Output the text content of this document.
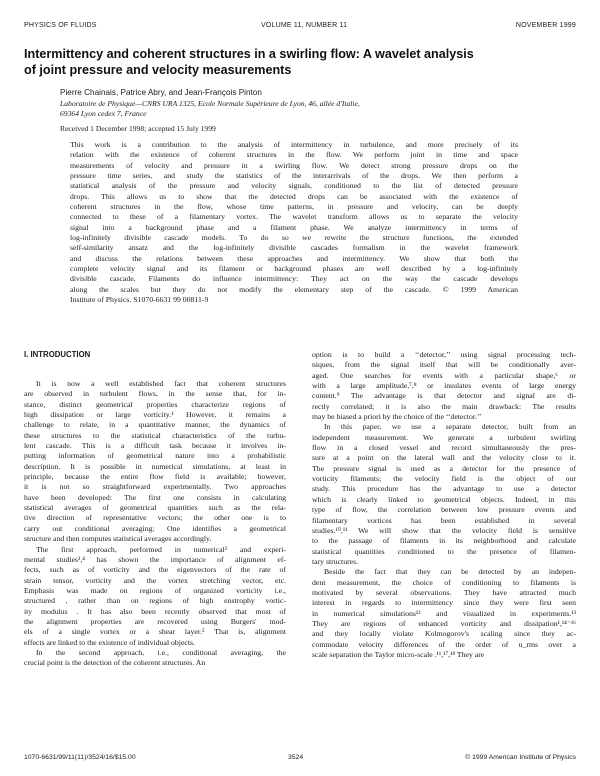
PHYSICS OF FLUIDS	VOLUME 11, NUMBER 11	NOVEMBER 1999
Intermittency and coherent structures in a swirling flow: A wavelet analysis
of joint pressure and velocity measurements
Pierre Chainais, Patrice Abry, and Jean-François Pinton
Laboratoire de Physique—CNRS URA 1325, Ecole Normale Supérieure de Lyon, 46, allée d'Italie,
69364 Lyon cedex 7, France
Received 1 December 1998; accepted 15 July 1999
This work is a contribution to the analysis of intermittency in turbulence, and more precisely of its
relation with the existence of coherent structures in the flow. We perform joint in time and space
measurements of velocity and pressure in a swirling flow. We detect strong pressure drops on the
pressure time series, and study the statistics of the interarrivals of the drops. We then perform a
statistical analysis of the pressure and velocity signals, conditioned to the list of detected pressure
drops. This allows us to show that the detected drops can be associated with the existence of
coherent structures in the flow, whose time patterns, in pressure and velocity, can be deeply
connected to these of a filamentary vortex. The wavelet transform allows us to separate the velocity
signal into a background phase and a filament phase. We analyze intermittency in terms of
log-infinitely divisible cascade models. To do so we rewrite the structure functions, the extended
self-similarity ansatz and the log-infinitely divisible cascades formalism in the wavelet framework
and discuss the relations between these approaches and intermittency. We show that both the
complete velocity signal and its filament or background phases are well described by a log-infinitely
divisible cascade. Filaments do influence intermittency: They act on the way the cascade develops
along the scales but they do not modify the elementary step of the cascade. © 1999 American
Institute of Physics. S1070-6631 99 00811-9
I. INTRODUCTION
It is now a well established fact that coherent structures
are observed in turbulent flows, in the sense that, for in-
stance, distinct geometrical properties characterize regions of
high dissipation or large vorticity.¹ However, it remains a
challenge to relate, in a quantitative manner, the dynamics of
these structures to the statistical characteristics of the turbu-
lent cascade. This is a difficult task because it involves in-
putting information of geometrical nature into a probabilistic
description. It is possible in numerical simulations, at least in
principle, because the entire flow field is available; however,
it is not so straightforward experimentally. Two approaches
have been developed: The first one consists in calculating
statistical averages of geometrical quantities such as the rela-
tive direction of representative vectors; the other one is to
carry out conditional averaging: One identifies a geometrical
structure and then computes statistical averages accordingly.
The first approach, performed in numerical² and experi-
mental studies³,⁴ has shown the importance of alignment ef-
fects, such as of vorticity and the eigenvectors of the rate of
strain tensor, vorticity and the vortex stretching vector, etc.
Emphasis was made on regions of organized vorticity i.e.,
structured , rather than on regions of high enstrophy vortic-
ity modulus . It has also been recently observed that most of
the alignment properties are recovered using Burgers' mod-
els of a single vortex or a shear layer.⁵ That is, alignment
effects are linked to the existence of individual objects.
In the second approach, i.e., conditional averaging, the
crucial point is the detection of the coherent structures. An
option is to build a ‘‘detector,’’ using signal processing tech-
niques, from the signal itself that will be conditionally aver-
aged. One searches for events with a particular shape,⁶ or
with a large amplitude,⁷,⁸ or insulates events of large energy
content.⁹ The advantage is that detector and signal are di-
rectly correlated; it is also the main drawback: The results
may be biased a priori by the choice of the ‘‘detector.’’
In this paper, we use a separate detector, built from an
independent measurement. We generate a turbulent swirling
flow in a closed vessel and record simultaneously the pres-
sure at a point on the lateral wall and the velocity close to it.
The pressure signal is used as a detector for the presence of
vorticity filaments; the velocity field is the object of our
study. This procedure has the advantage to use a detector
which is clearly linked to geometrical objects. Indeed, in this
type of flow, the correlation between low pressure events and
filamentary vortices has been established in several
studies.¹⁰,¹¹ We will show that the velocity field is sensitive
to the passage of filaments in its neighborhood and calculate
statistical quantities conditioned to the presence of filamen-
tary structures.
Beside the fact that they can be detected by an indepen-
dent measurement, the choice of conditioning to filaments is
motivated by several observations. They have attracted much
interest in regards to intermittency since they were first seen
in numerical simulations¹² and visualized in experiments.¹³
They are regions of enhanced vorticity and dissipation¹,¹⁴⁻¹⁶
and they locally violate Kolmogorov's scaling since they ac-
commodate velocity differences of the order of u_rms over a
scale separation the Taylor micro-scale .¹¹,¹⁷,¹⁸ They are
1070-6631/99/11(11)/3524/16/$15.00	3524	© 1999 American Institute of Physics
